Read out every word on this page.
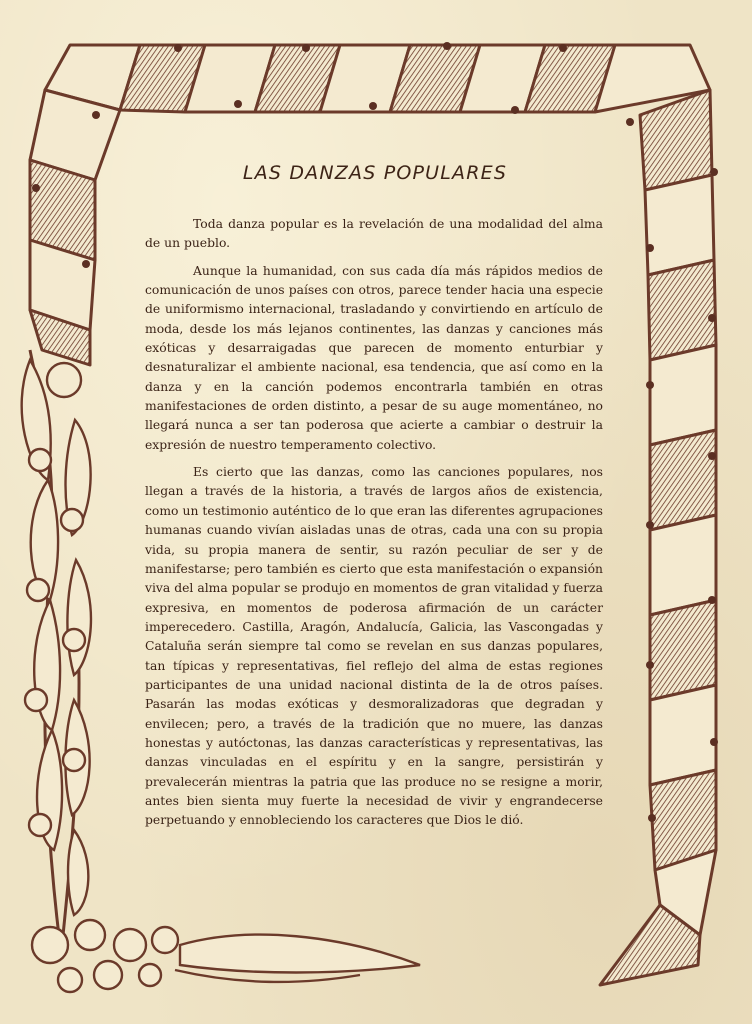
LAS DANZAS POPULARES

Toda danza popular es la revelación de una modalidad del alma de un pueblo.

Aunque la humanidad, con sus cada día más rápidos medios de comunicación de unos países con otros, parece tender hacia una especie de uniformismo internacional, trasladando y convirtiendo en artículo de moda, desde los más lejanos continentes, las danzas y canciones más exóticas y desarraigadas que parecen de momento enturbiar y desnaturalizar el ambiente nacional, esa tendencia, que así como en la danza y en la canción podemos encontrarla también en otras manifestaciones de orden distinto, a pesar de su auge momentáneo, no llegará nunca a ser tan poderosa que acierte a cambiar o destruir la expresión de nuestro temperamento colectivo.

Es cierto que las danzas, como las canciones populares, nos llegan a través de la historia, a través de largos años de existencia, como un testimonio auténtico de lo que eran las diferentes agrupaciones humanas cuando vivían aisladas unas de otras, cada una con su propia vida, su propia manera de sentir, su razón peculiar de ser y de manifestarse; pero también es cierto que esta manifestación o expansión viva del alma popular se produjo en momentos de gran vitalidad y fuerza expresiva, en momentos de poderosa afirmación de un carácter imperecedero. Castilla, Aragón, Andalucía, Galicia, las Vascongadas y Cataluña serán siempre tal como se revelan en sus danzas populares, tan típicas y representativas, fiel reflejo del alma de estas regiones participantes de una unidad nacional distinta de la de otros países. Pasarán las modas exóticas y desmoralizadoras que degradan y envilecen; pero, a través de la tradición que no muere, las danzas honestas y autóctonas, las danzas características y representativas, las danzas vinculadas en el espíritu y en la sangre, persistirán y prevalecerán mientras la patria que las produce no se resigne a morir, antes bien sienta muy fuerte la necesidad de vivir y engrandecerse perpetuando y ennobleciendo los caracteres que Dios le dió.
